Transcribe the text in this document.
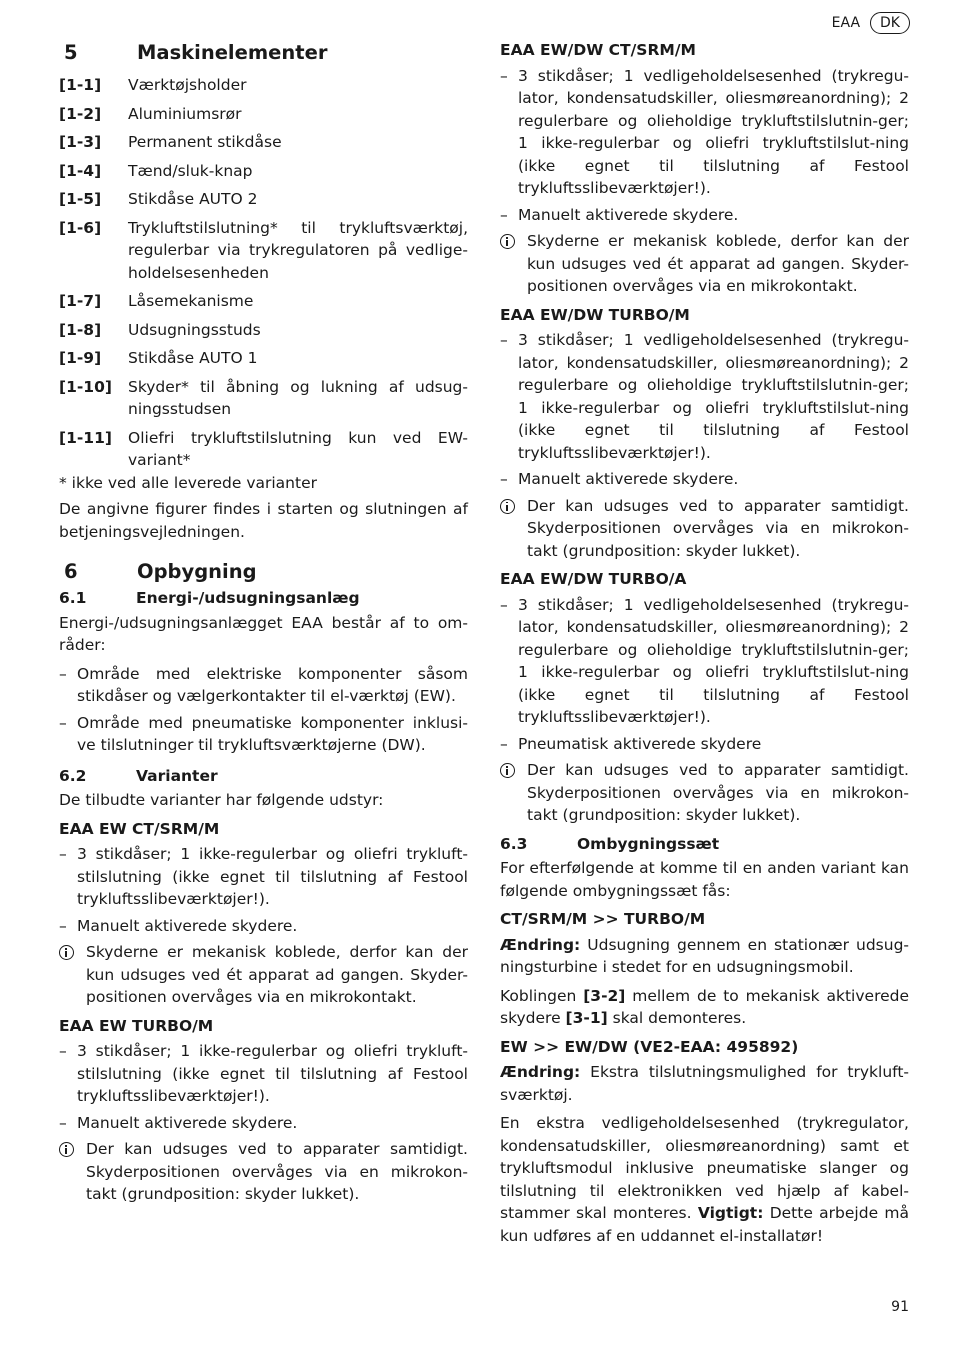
EAA	DK
5	Maskinelementer
[1-1]	Værktøjsholder
[1-2]	Aluminiumsrør
[1-3]	Permanent stikdåse
[1-4]	Tænd/sluk-knap
[1-5]	Stikdåse AUTO 2
[1-6]	Trykluftstilslutning* til trykluftsværktøj, regulerbar via trykregulatoren på vedlige-holdelsesenheden
[1-7]	Låsemekanisme
[1-8]	Udsugningsstuds
[1-9]	Stikdåse AUTO 1
[1-10]	Skyder* til åbning og lukning af udsug-ningsstudsen
[1-11]	Oliefri trykluftstilslutning kun ved EW-variant*

* ikke ved alle leverede varianter

De angivne figurer findes i starten og slutningen af betjeningsvejledningen.

6	Opbygning
6.1	Energi-/udsugningsanlæg

Energi-/udsugningsanlægget EAA består af to om-råder:

– Område med elektriske komponenter såsom stikdåser og vælgerkontakter til el-værktøj (EW).
– Område med pneumatiske komponenter inklusi-ve tilslutninger til trykluftsværktøjerne (DW).
6.2	Varianter

De tilbudte varianter har følgende udstyr:

EAA EW CT/SRM/M
– 3 stikdåser; 1 ikke-regulerbar og oliefri trykluft-stilslutning (ikke egnet til tilslutning af Festool trykluftsslibeværktøjer!).
– Manuelt aktiverede skydere.
Skyderne er mekanisk koblede, derfor kan der kun udsuges ved ét apparat ad gangen. Skyder-positionen overvåges via en mikrokontakt.
EAA EW TURBO/M
– 3 stikdåser; 1 ikke-regulerbar og oliefri trykluft-stilslutning (ikke egnet til tilslutning af Festool trykluftsslibeværktøjer!).
– Manuelt aktiverede skydere.
Der kan udsuges ved to apparater samtidigt. Skyderpositionen overvåges via en mikrokon-takt (grundposition: skyder lukket).
EAA EW/DW CT/SRM/M
– 3 stikdåser; 1 vedligeholdelsesenhed (trykregu-lator, kondensatudskiller, oliesmøreanordning); 2 regulerbare og olieholdige trykluftstilslutnin-ger; 1 ikke-regulerbar og oliefri trykluftstilslut-ning (ikke egnet til tilslutning af Festool trykluftsslibeværktøjer!).
– Manuelt aktiverede skydere.
Skyderne er mekanisk koblede, derfor kan der kun udsuges ved ét apparat ad gangen. Skyder-positionen overvåges via en mikrokontakt.
EAA EW/DW TURBO/M
– 3 stikdåser; 1 vedligeholdelsesenhed (trykregu-lator, kondensatudskiller, oliesmøreanordning); 2 regulerbare og olieholdige trykluftstilslutnin-ger; 1 ikke-regulerbar og oliefri trykluftstilslut-ning (ikke egnet til tilslutning af Festool trykluftsslibeværktøjer!).
– Manuelt aktiverede skydere.
Der kan udsuges ved to apparater samtidigt. Skyderpositionen overvåges via en mikrokon-takt (grundposition: skyder lukket).
EAA EW/DW TURBO/A
– 3 stikdåser; 1 vedligeholdelsesenhed (trykregu-lator, kondensatudskiller, oliesmøreanordning); 2 regulerbare og olieholdige trykluftstilslutnin-ger; 1 ikke-regulerbar og oliefri trykluftstilslut-ning (ikke egnet til tilslutning af Festool trykluftsslibeværktøjer!).
– Pneumatisk aktiverede skydere
Der kan udsuges ved to apparater samtidigt. Skyderpositionen overvåges via en mikrokon-takt (grundposition: skyder lukket).
6.3	Ombygningssæt

For efterfølgende at komme til en anden variant kan følgende ombygningssæt fås:

CT/SRM/M >> TURBO/M

Ændring: Udsugning gennem en stationær udsug-ningsturbine i stedet for en udsugningsmobil.

Koblingen [3-2] mellem de to mekanisk aktiverede skydere [3-1] skal demonteres.

EW >> EW/DW (VE2-EAA: 495892)

Ændring: Ekstra tilslutningsmulighed for trykluft-sværktøj.

En ekstra vedligeholdelsesenhed (trykregulator, kondensatudskiller, oliesmøreanordning) samt et trykluftsmodul inklusive pneumatiske slanger og tilslutning til elektronikken ved hjælp af kabel-stammer skal monteres. Vigtigt: Dette arbejde må kun udføres af en uddannet el-installatør!

91
